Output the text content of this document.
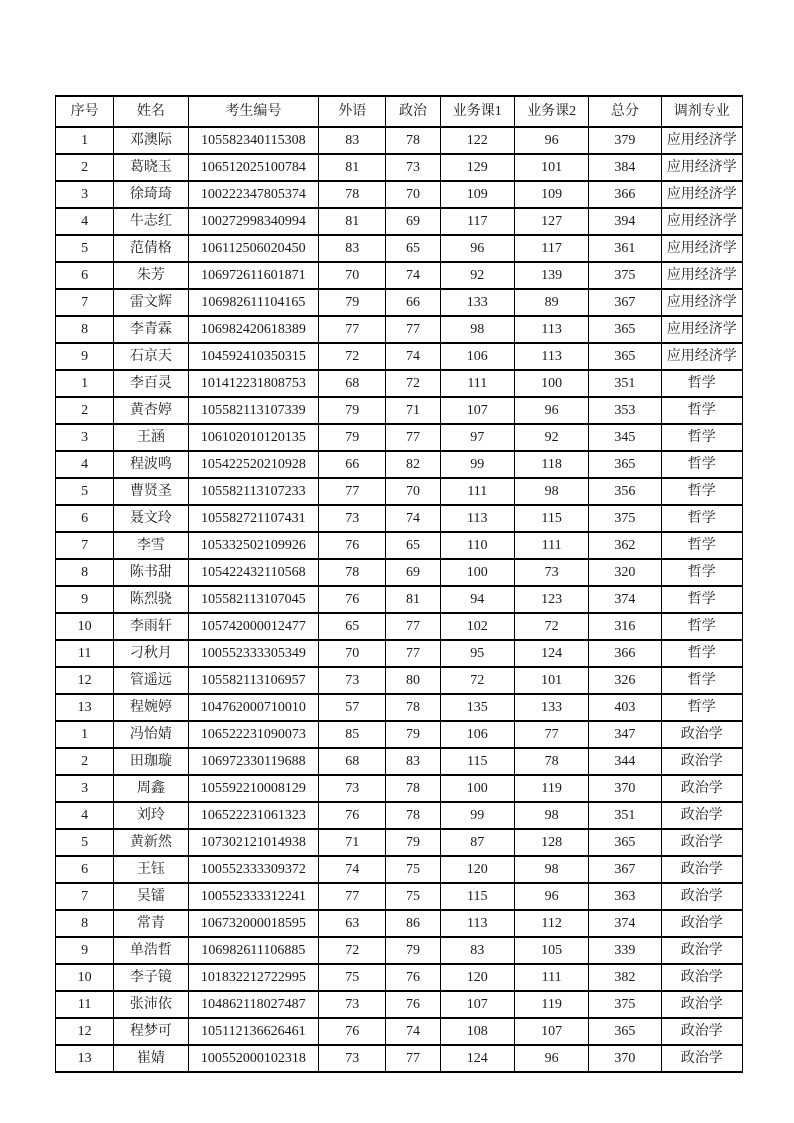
序号	姓名	考生编号	外语	政治	业务课1	业务课2	总分	调剂专业
1	邓澳际	105582340115308	83	78	122	96	379	应用经济学
2	葛晓玉	106512025100784	81	73	129	101	384	应用经济学
3	徐琦琦	100222347805374	78	70	109	109	366	应用经济学
4	牛志红	100272998340994	81	69	117	127	394	应用经济学
5	范倩格	106112506020450	83	65	96	117	361	应用经济学
6	朱芳	106972611601871	70	74	92	139	375	应用经济学
7	雷文辉	106982611104165	79	66	133	89	367	应用经济学
8	李青霖	106982420618389	77	77	98	113	365	应用经济学
9	石京天	104592410350315	72	74	106	113	365	应用经济学
1	李百灵	101412231808753	68	72	111	100	351	哲学
2	黄杏婷	105582113107339	79	71	107	96	353	哲学
3	王涵	106102010120135	79	77	97	92	345	哲学
4	程波鸣	105422520210928	66	82	99	118	365	哲学
5	曹贤圣	105582113107233	77	70	111	98	356	哲学
6	聂文玲	105582721107431	73	74	113	115	375	哲学
7	李雪	105332502109926	76	65	110	111	362	哲学
8	陈书甜	105422432110568	78	69	100	73	320	哲学
9	陈烈骁	105582113107045	76	81	94	123	374	哲学
10	李雨轩	105742000012477	65	77	102	72	316	哲学
11	刁秋月	100552333305349	70	77	95	124	366	哲学
12	管遥远	105582113106957	73	80	72	101	326	哲学
13	程婉婷	104762000710010	57	78	135	133	403	哲学
1	冯怡婧	106522231090073	85	79	106	77	347	政治学
2	田珈璇	106972330119688	68	83	115	78	344	政治学
3	周鑫	105592210008129	73	78	100	119	370	政治学
4	刘玲	106522231061323	76	78	99	98	351	政治学
5	黄新然	107302121014938	71	79	87	128	365	政治学
6	王钰	100552333309372	74	75	120	98	367	政治学
7	吴镭	100552333312241	77	75	115	96	363	政治学
8	常青	106732000018595	63	86	113	112	374	政治学
9	单浩哲	106982611106885	72	79	83	105	339	政治学
10	李子镜	101832212722995	75	76	120	111	382	政治学
11	张沛依	104862118027487	73	76	107	119	375	政治学
12	程梦可	105112136626461	76	74	108	107	365	政治学
13	崔婧	100552000102318	73	77	124	96	370	政治学
